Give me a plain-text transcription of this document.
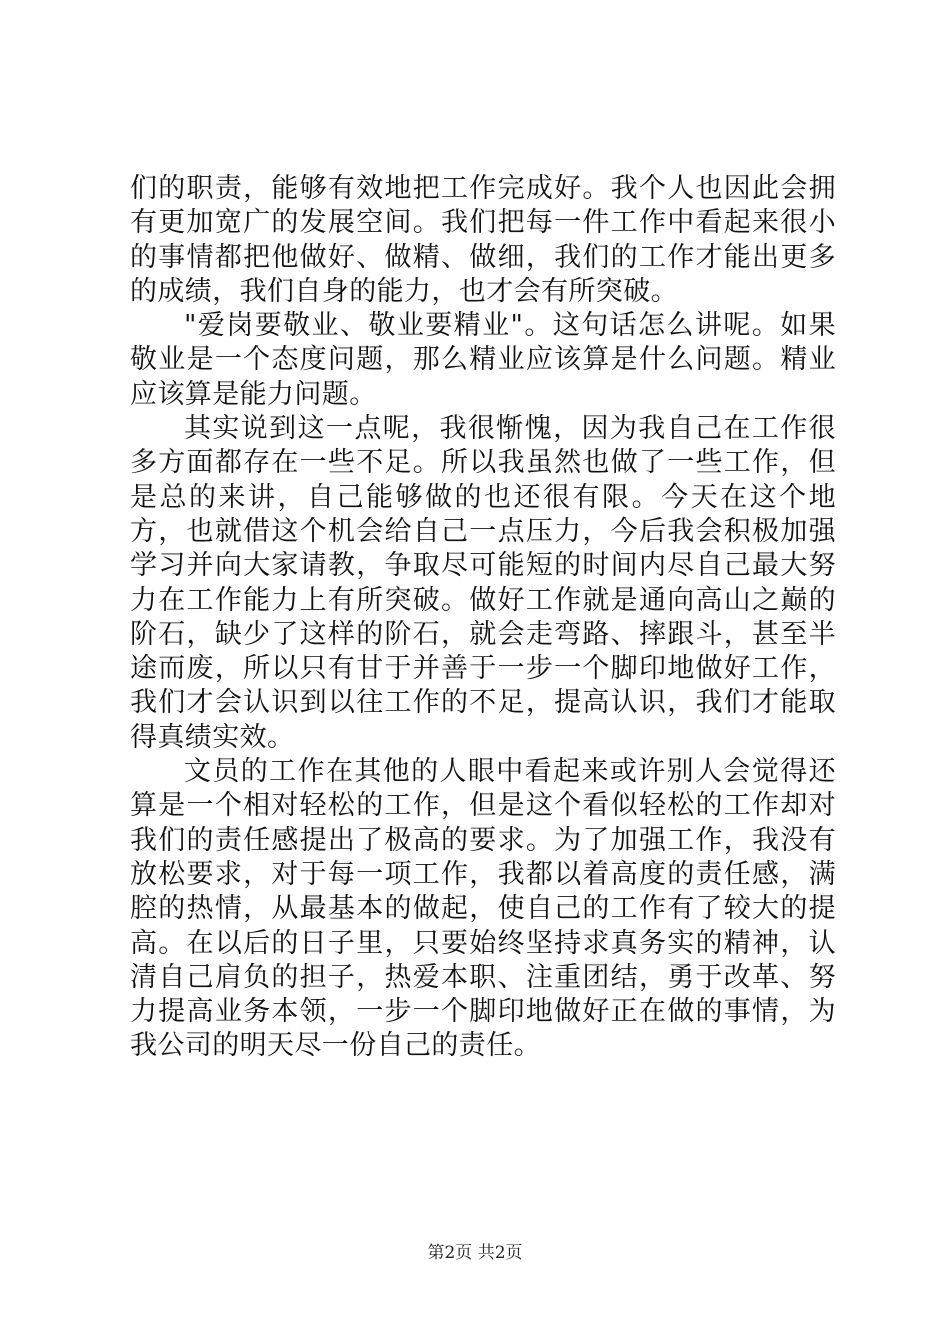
们的职责，能够有效地把工作完成好。我个人也因此会拥有更加宽广的发展空间。我们把每一件工作中看起来很小的事情都把他做好、做精、做细，我们的工作才能出更多的成绩，我们自身的能力，也才会有所突破。

"爱岗要敬业、敬业要精业"。这句话怎么讲呢。如果敬业是一个态度问题，那么精业应该算是什么问题。精业应该算是能力问题。

其实说到这一点呢，我很惭愧，因为我自己在工作很多方面都存在一些不足。所以我虽然也做了一些工作，但是总的来讲，自己能够做的也还很有限。今天在这个地方，也就借这个机会给自己一点压力，今后我会积极加强学习并向大家请教，争取尽可能短的时间内尽自己最大努力在工作能力上有所突破。做好工作就是通向高山之巅的阶石，缺少了这样的阶石，就会走弯路、摔跟斗，甚至半途而废，所以只有甘于并善于一步一个脚印地做好工作，我们才会认识到以往工作的不足，提高认识，我们才能取得真绩实效。

文员的工作在其他的人眼中看起来或许别人会觉得还算是一个相对轻松的工作，但是这个看似轻松的工作却对我们的责任感提出了极高的要求。为了加强工作，我没有放松要求，对于每一项工作，我都以着高度的责任感，满腔的热情，从最基本的做起，使自己的工作有了较大的提高。在以后的日子里，只要始终坚持求真务实的精神，认清自己肩负的担子，热爱本职、注重团结，勇于改革、努力提高业务本领，一步一个脚印地做好正在做的事情，为我公司的明天尽一份自己的责任。

第2页 共2页
